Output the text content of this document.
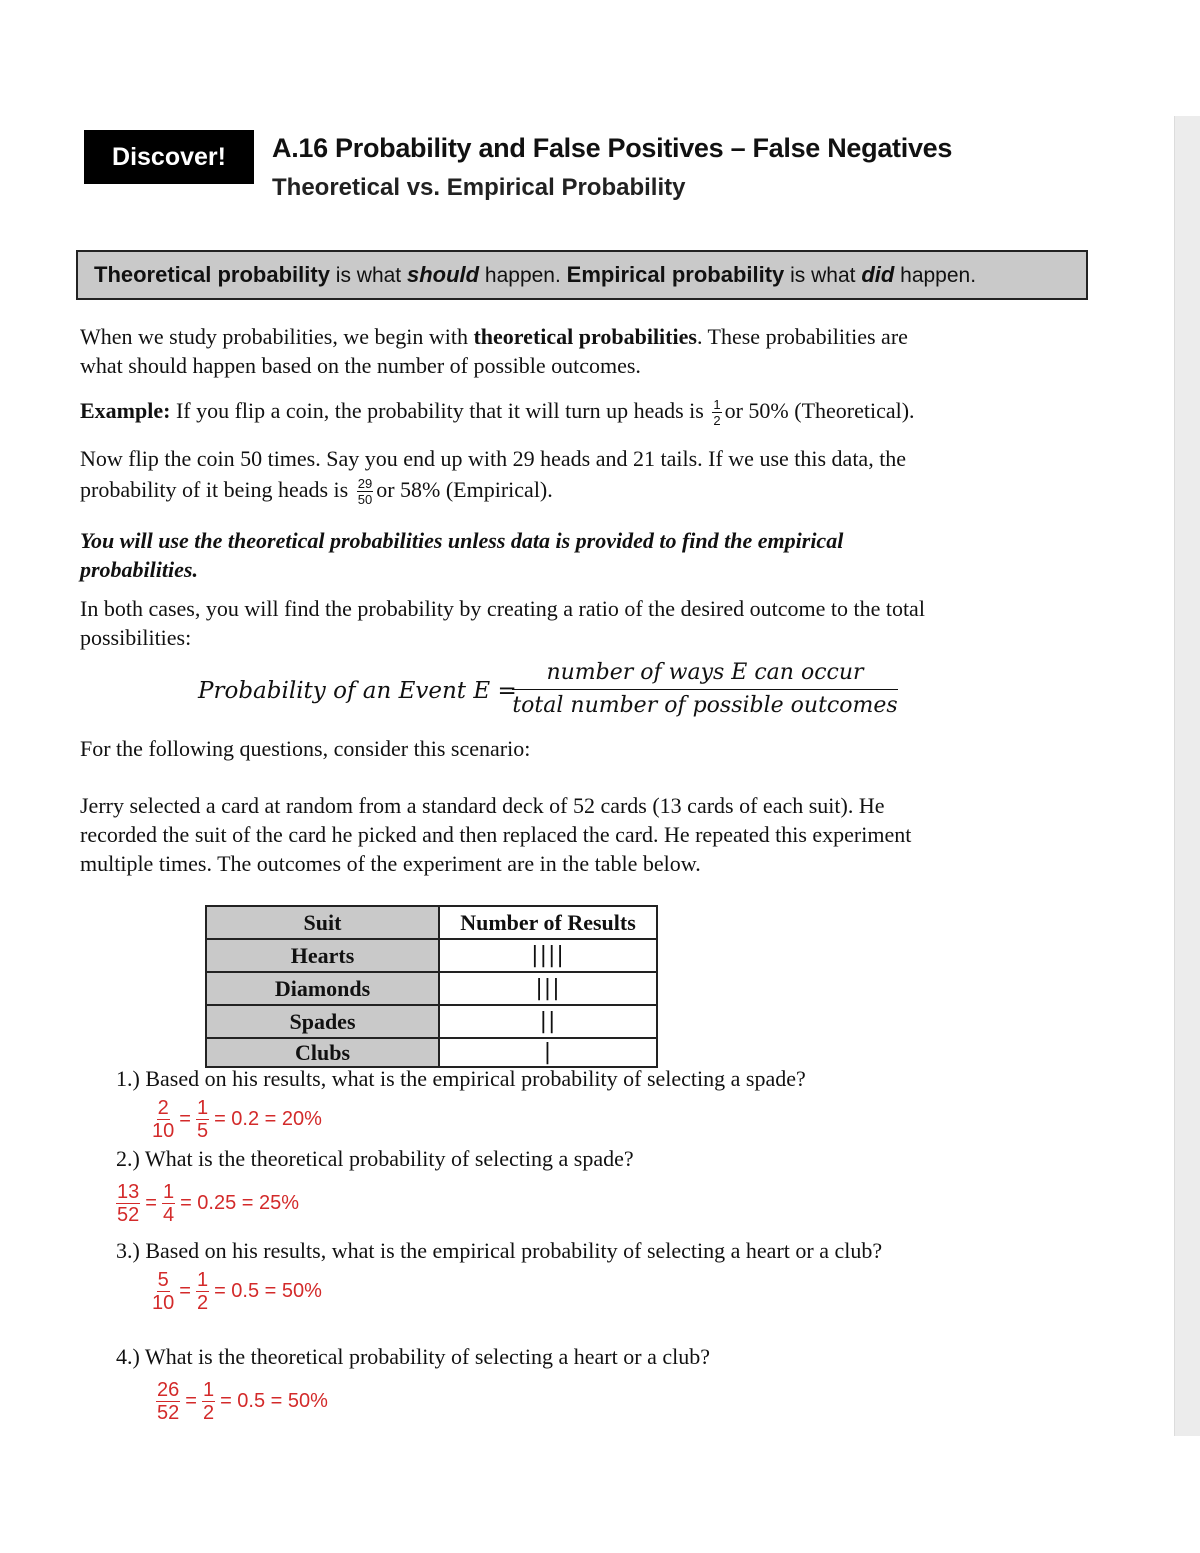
Discover!	A.16 Probability and False Positives – False Negatives
Theoretical vs. Empirical Probability
Theoretical probability is what should happen. Empirical probability is what did happen.
When we study probabilities, we begin with theoretical probabilities. These probabilities are
what should happen based on the number of possible outcomes.
Example: If you flip a coin, the probability that it will turn up heads is $\frac{1}{2}$ or 50% (Theoretical).
Now flip the coin 50 times. Say you end up with 29 heads and 21 tails. If we use this data, the
probability of it being heads is $\frac{29}{50}$ or 58% (Empirical).
You will use the theoretical probabilities unless data is provided to find the empirical
probabilities.
In both cases, you will find the probability by creating a ratio of the desired outcome to the total
possibilities:
Probability of an Event E =
number of ways E can occur
total number of possible outcomes
For the following questions, consider this scenario:
Jerry selected a card at random from a standard deck of 52 cards (13 cards of each suit). He
recorded the suit of the card he picked and then replaced the card. He repeated this experiment
multiple times. The outcomes of the experiment are in the table below.
Suit	Number of Results
Hearts	||||
Diamonds	|||
Spades	||
Clubs	|
1.) Based on his results, what is the empirical probability of selecting a spade?
$\frac{2}{10} = \frac{1}{5} = 0.2 = 20\%$
2.) What is the theoretical probability of selecting a spade?
$\frac{13}{52} = \frac{1}{4} = 0.25 = 25\%$
3.) Based on his results, what is the empirical probability of selecting a heart or a club?
$\frac{5}{10} = \frac{1}{2} = 0.5 = 50\%$
4.) What is the theoretical probability of selecting a heart or a club?
$\frac{26}{52} = \frac{1}{2} = 0.5 = 50\%$
